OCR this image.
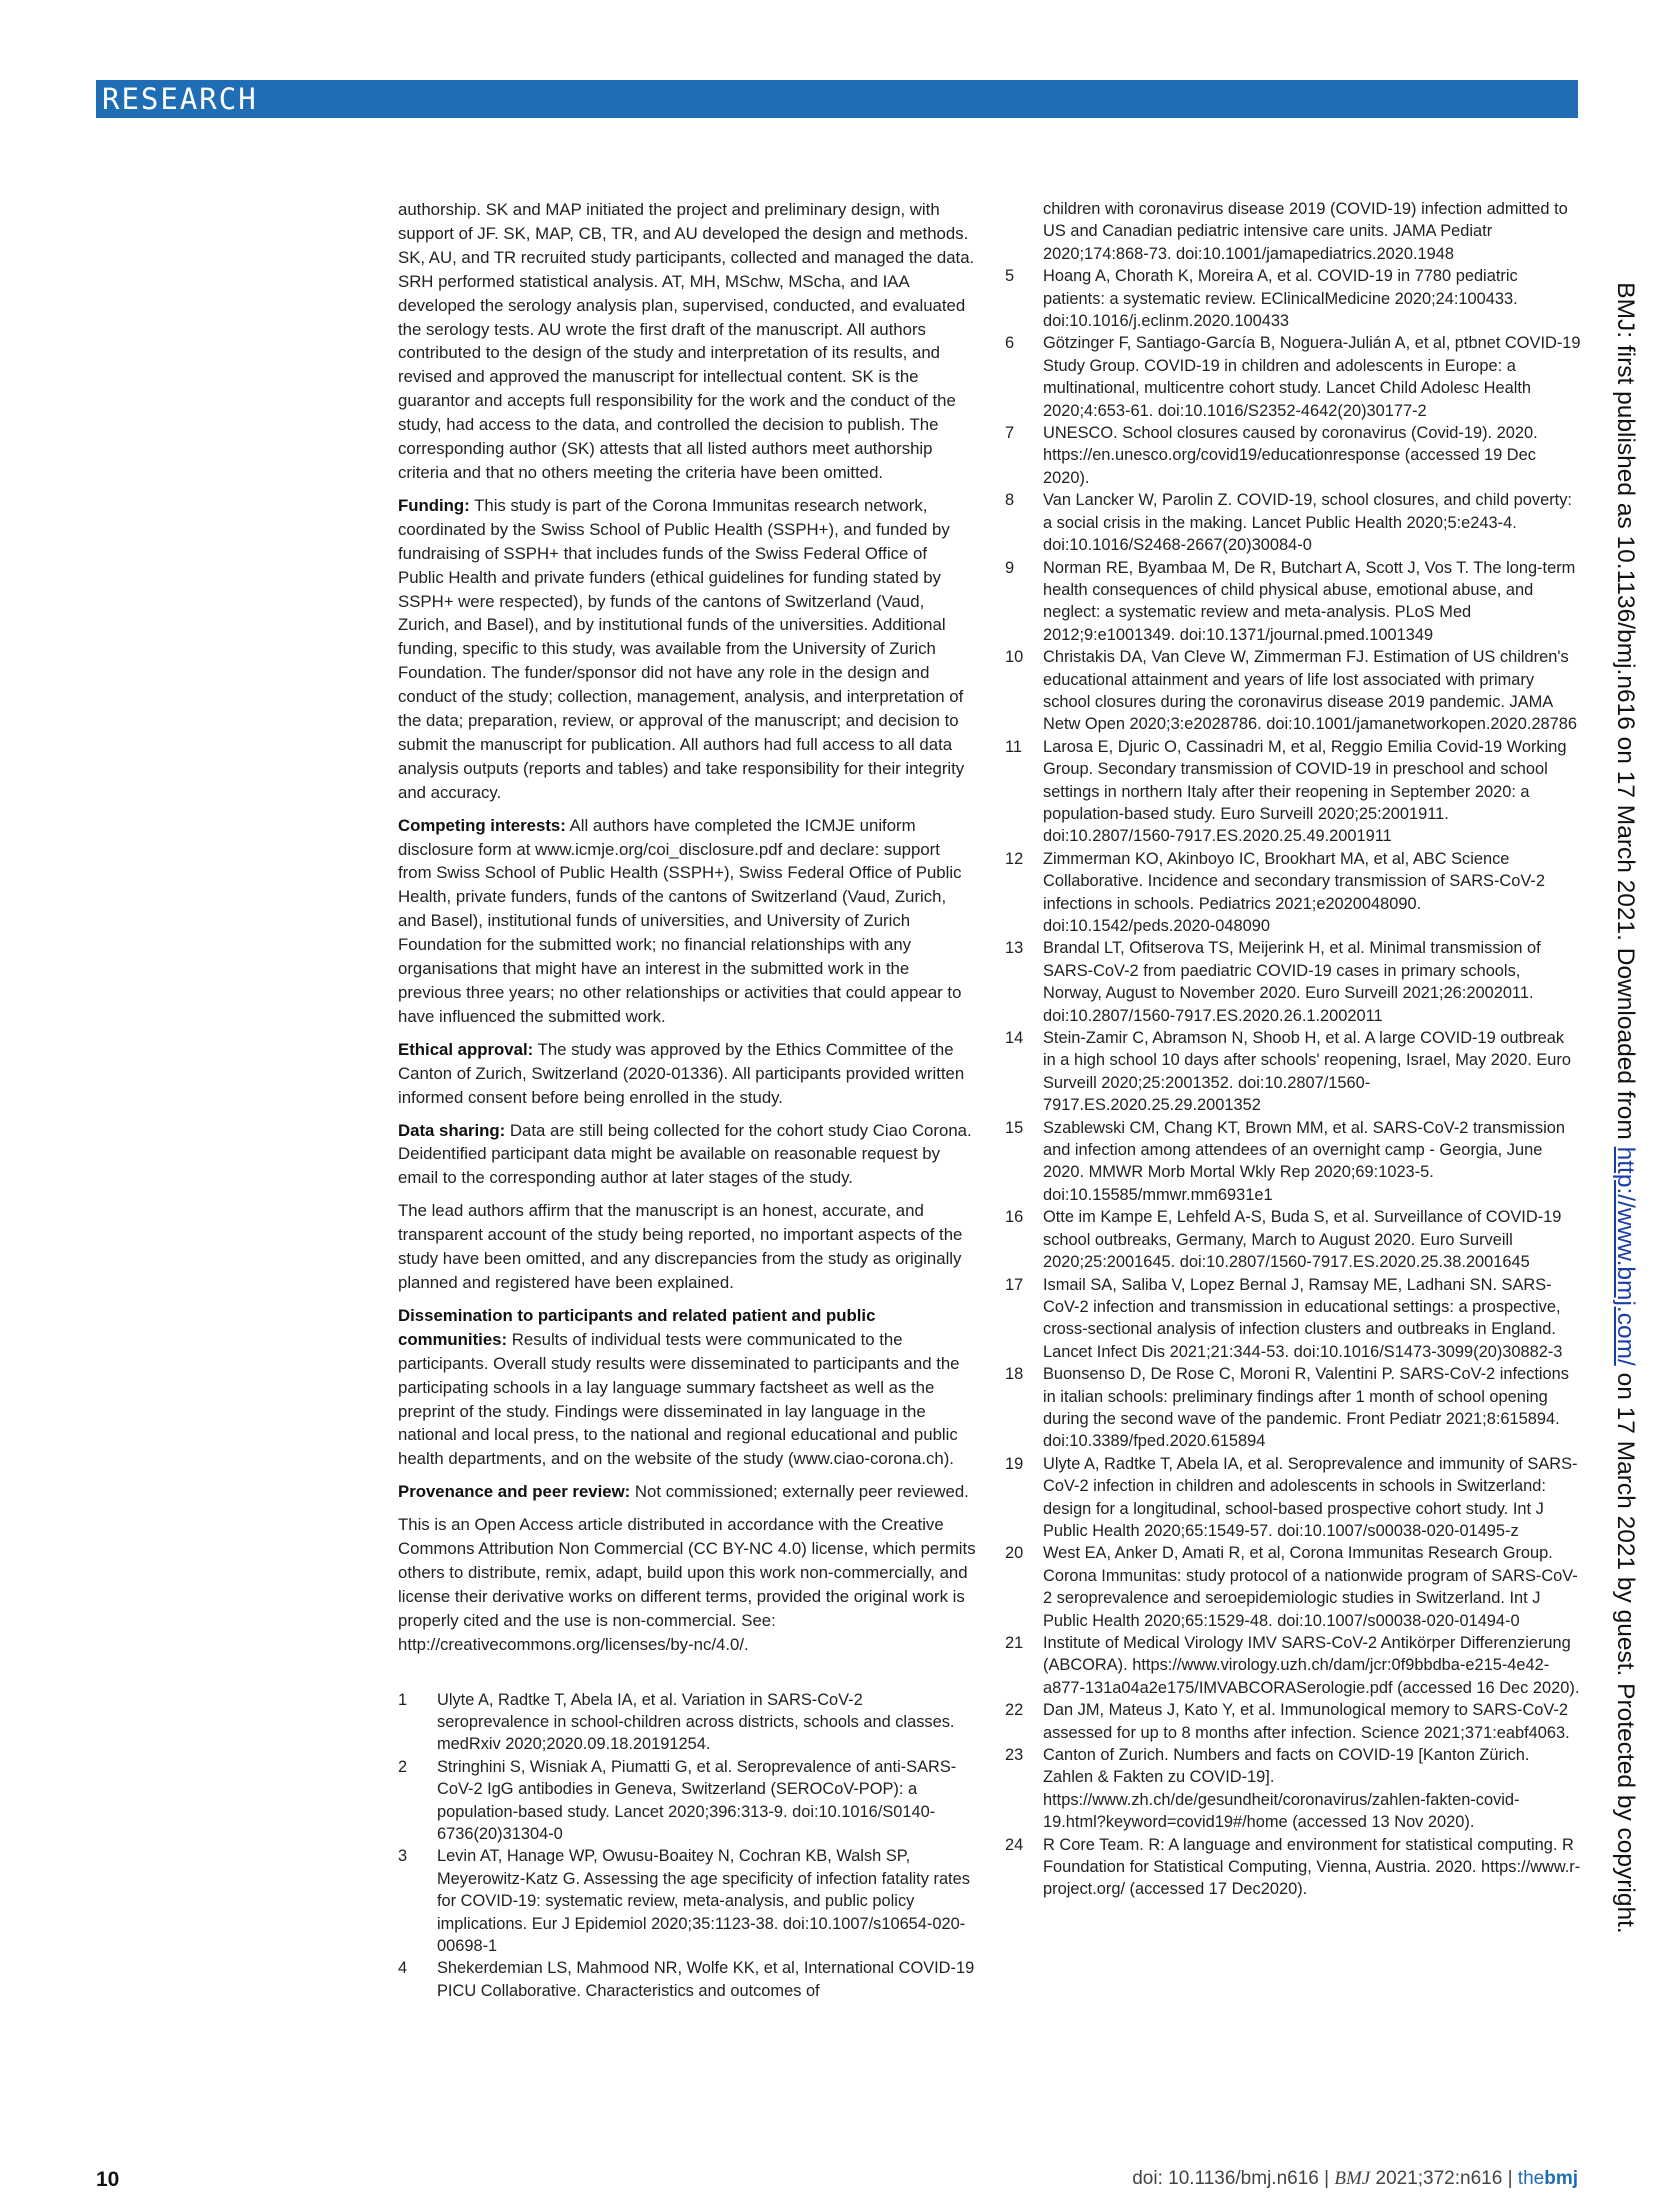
RESEARCH
BMJ: first published as 10.1136/bmj.n616 on 17 March 2021. Downloaded from http://www.bmj.com/ on 17 March 2021 by guest. Protected by copyright.

authorship. SK and MAP initiated the project and preliminary design, with support of JF. SK, MAP, CB, TR, and AU developed the design and methods. SK, AU, and TR recruited study participants, collected and managed the data. SRH performed statistical analysis. AT, MH, MSchw, MScha, and IAA developed the serology analysis plan, supervised, conducted, and evaluated the serology tests. AU wrote the first draft of the manuscript. All authors contributed to the design of the study and interpretation of its results, and revised and approved the manuscript for intellectual content. SK is the guarantor and accepts full responsibility for the work and the conduct of the study, had access to the data, and controlled the decision to publish. The corresponding author (SK) attests that all listed authors meet authorship criteria and that no others meeting the criteria have been omitted.

Funding: This study is part of the Corona Immunitas research network, coordinated by the Swiss School of Public Health (SSPH+), and funded by fundraising of SSPH+ that includes funds of the Swiss Federal Office of Public Health and private funders (ethical guidelines for funding stated by SSPH+ were respected), by funds of the cantons of Switzerland (Vaud, Zurich, and Basel), and by institutional funds of the universities. Additional funding, specific to this study, was available from the University of Zurich Foundation. The funder/sponsor did not have any role in the design and conduct of the study; collection, management, analysis, and interpretation of the data; preparation, review, or approval of the manuscript; and decision to submit the manuscript for publication. All authors had full access to all data analysis outputs (reports and tables) and take responsibility for their integrity and accuracy.

Competing interests: All authors have completed the ICMJE uniform disclosure form at www.icmje.org/coi_disclosure.pdf and declare: support from Swiss School of Public Health (SSPH+), Swiss Federal Office of Public Health, private funders, funds of the cantons of Switzerland (Vaud, Zurich, and Basel), institutional funds of universities, and University of Zurich Foundation for the submitted work; no financial relationships with any organisations that might have an interest in the submitted work in the previous three years; no other relationships or activities that could appear to have influenced the submitted work.

Ethical approval: The study was approved by the Ethics Committee of the Canton of Zurich, Switzerland (2020-01336). All participants provided written informed consent before being enrolled in the study.

Data sharing: Data are still being collected for the cohort study Ciao Corona. Deidentified participant data might be available on reasonable request by email to the corresponding author at later stages of the study.

The lead authors affirm that the manuscript is an honest, accurate, and transparent account of the study being reported, no important aspects of the study have been omitted, and any discrepancies from the study as originally planned and registered have been explained.

Dissemination to participants and related patient and public communities: Results of individual tests were communicated to the participants. Overall study results were disseminated to participants and the participating schools in a lay language summary factsheet as well as the preprint of the study. Findings were disseminated in lay language in the national and local press, to the national and regional educational and public health departments, and on the website of the study (www.ciao-corona.ch).

Provenance and peer review: Not commissioned; externally peer reviewed.

This is an Open Access article distributed in accordance with the Creative Commons Attribution Non Commercial (CC BY-NC 4.0) license, which permits others to distribute, remix, adapt, build upon this work non-commercially, and license their derivative works on different terms, provided the original work is properly cited and the use is non-commercial. See: http://creativecommons.org/licenses/by-nc/4.0/.

1 Ulyte A, Radtke T, Abela IA, et al. Variation in SARS-CoV-2 seroprevalence in school-children across districts, schools and classes. medRxiv 2020;2020.09.18.20191254.
2 Stringhini S, Wisniak A, Piumatti G, et al. Seroprevalence of anti-SARS-CoV-2 IgG antibodies in Geneva, Switzerland (SEROCoV-POP): a population-based study. Lancet 2020;396:313-9. doi:10.1016/S0140-6736(20)31304-0
3 Levin AT, Hanage WP, Owusu-Boaitey N, Cochran KB, Walsh SP, Meyerowitz-Katz G. Assessing the age specificity of infection fatality rates for COVID-19: systematic review, meta-analysis, and public policy implications. Eur J Epidemiol 2020;35:1123-38. doi:10.1007/s10654-020-00698-1
4 Shekerdemian LS, Mahmood NR, Wolfe KK, et al, International COVID-19 PICU Collaborative. Characteristics and outcomes of
children with coronavirus disease 2019 (COVID-19) infection admitted to US and Canadian pediatric intensive care units. JAMA Pediatr 2020;174:868-73. doi:10.1001/jamapediatrics.2020.1948
5 Hoang A, Chorath K, Moreira A, et al. COVID-19 in 7780 pediatric patients: a systematic review. EClinicalMedicine 2020;24:100433. doi:10.1016/j.eclinm.2020.100433
6 Götzinger F, Santiago-García B, Noguera-Julián A, et al, ptbnet COVID-19 Study Group. COVID-19 in children and adolescents in Europe: a multinational, multicentre cohort study. Lancet Child Adolesc Health 2020;4:653-61. doi:10.1016/S2352-4642(20)30177-2
7 UNESCO. School closures caused by coronavirus (Covid-19). 2020. https://en.unesco.org/covid19/educationresponse (accessed 19 Dec 2020).
8 Van Lancker W, Parolin Z. COVID-19, school closures, and child poverty: a social crisis in the making. Lancet Public Health 2020;5:e243-4. doi:10.1016/S2468-2667(20)30084-0
9 Norman RE, Byambaa M, De R, Butchart A, Scott J, Vos T. The long-term health consequences of child physical abuse, emotional abuse, and neglect: a systematic review and meta-analysis. PLoS Med 2012;9:e1001349. doi:10.1371/journal.pmed.1001349
10 Christakis DA, Van Cleve W, Zimmerman FJ. Estimation of US children's educational attainment and years of life lost associated with primary school closures during the coronavirus disease 2019 pandemic. JAMA Netw Open 2020;3:e2028786. doi:10.1001/jamanetworkopen.2020.28786
11 Larosa E, Djuric O, Cassinadri M, et al, Reggio Emilia Covid-19 Working Group. Secondary transmission of COVID-19 in preschool and school settings in northern Italy after their reopening in September 2020: a population-based study. Euro Surveill 2020;25:2001911. doi:10.2807/1560-7917.ES.2020.25.49.2001911
12 Zimmerman KO, Akinboyo IC, Brookhart MA, et al, ABC Science Collaborative. Incidence and secondary transmission of SARS-CoV-2 infections in schools. Pediatrics 2021;e2020048090. doi:10.1542/peds.2020-048090
13 Brandal LT, Ofitserova TS, Meijerink H, et al. Minimal transmission of SARS-CoV-2 from paediatric COVID-19 cases in primary schools, Norway, August to November 2020. Euro Surveill 2021;26:2002011. doi:10.2807/1560-7917.ES.2020.26.1.2002011
14 Stein-Zamir C, Abramson N, Shoob H, et al. A large COVID-19 outbreak in a high school 10 days after schools' reopening, Israel, May 2020. Euro Surveill 2020;25:2001352. doi:10.2807/1560-7917.ES.2020.25.29.2001352
15 Szablewski CM, Chang KT, Brown MM, et al. SARS-CoV-2 transmission and infection among attendees of an overnight camp - Georgia, June 2020. MMWR Morb Mortal Wkly Rep 2020;69:1023-5. doi:10.15585/mmwr.mm6931e1
16 Otte im Kampe E, Lehfeld A-S, Buda S, et al. Surveillance of COVID-19 school outbreaks, Germany, March to August 2020. Euro Surveill 2020;25:2001645. doi:10.2807/1560-7917.ES.2020.25.38.2001645
17 Ismail SA, Saliba V, Lopez Bernal J, Ramsay ME, Ladhani SN. SARS-CoV-2 infection and transmission in educational settings: a prospective, cross-sectional analysis of infection clusters and outbreaks in England. Lancet Infect Dis 2021;21:344-53. doi:10.1016/S1473-3099(20)30882-3
18 Buonsenso D, De Rose C, Moroni R, Valentini P. SARS-CoV-2 infections in italian schools: preliminary findings after 1 month of school opening during the second wave of the pandemic. Front Pediatr 2021;8:615894. doi:10.3389/fped.2020.615894
19 Ulyte A, Radtke T, Abela IA, et al. Seroprevalence and immunity of SARS-CoV-2 infection in children and adolescents in schools in Switzerland: design for a longitudinal, school-based prospective cohort study. Int J Public Health 2020;65:1549-57. doi:10.1007/s00038-020-01495-z
20 West EA, Anker D, Amati R, et al, Corona Immunitas Research Group. Corona Immunitas: study protocol of a nationwide program of SARS-CoV-2 seroprevalence and seroepidemiologic studies in Switzerland. Int J Public Health 2020;65:1529-48. doi:10.1007/s00038-020-01494-0
21 Institute of Medical Virology IMV SARS-CoV-2 Antikörper Differenzierung (ABCORA). https://www.virology.uzh.ch/dam/jcr:0f9bbdba-e215-4e42-a877-131a04a2e175/IMVABCORASerologie.pdf (accessed 16 Dec 2020).
22 Dan JM, Mateus J, Kato Y, et al. Immunological memory to SARS-CoV-2 assessed for up to 8 months after infection. Science 2021;371:eabf4063.
23 Canton of Zurich. Numbers and facts on COVID-19 [Kanton Zürich. Zahlen & Fakten zu COVID-19]. https://www.zh.ch/de/gesundheit/coronavirus/zahlen-fakten-covid-19.html?keyword=covid19#/home (accessed 13 Nov 2020).
24 R Core Team. R: A language and environment for statistical computing. R Foundation for Statistical Computing, Vienna, Austria. 2020. https://www.r-project.org/ (accessed 17 Dec2020).
10	doi: 10.1136/bmj.n616 | BMJ 2021;372:n616 | thebmj
